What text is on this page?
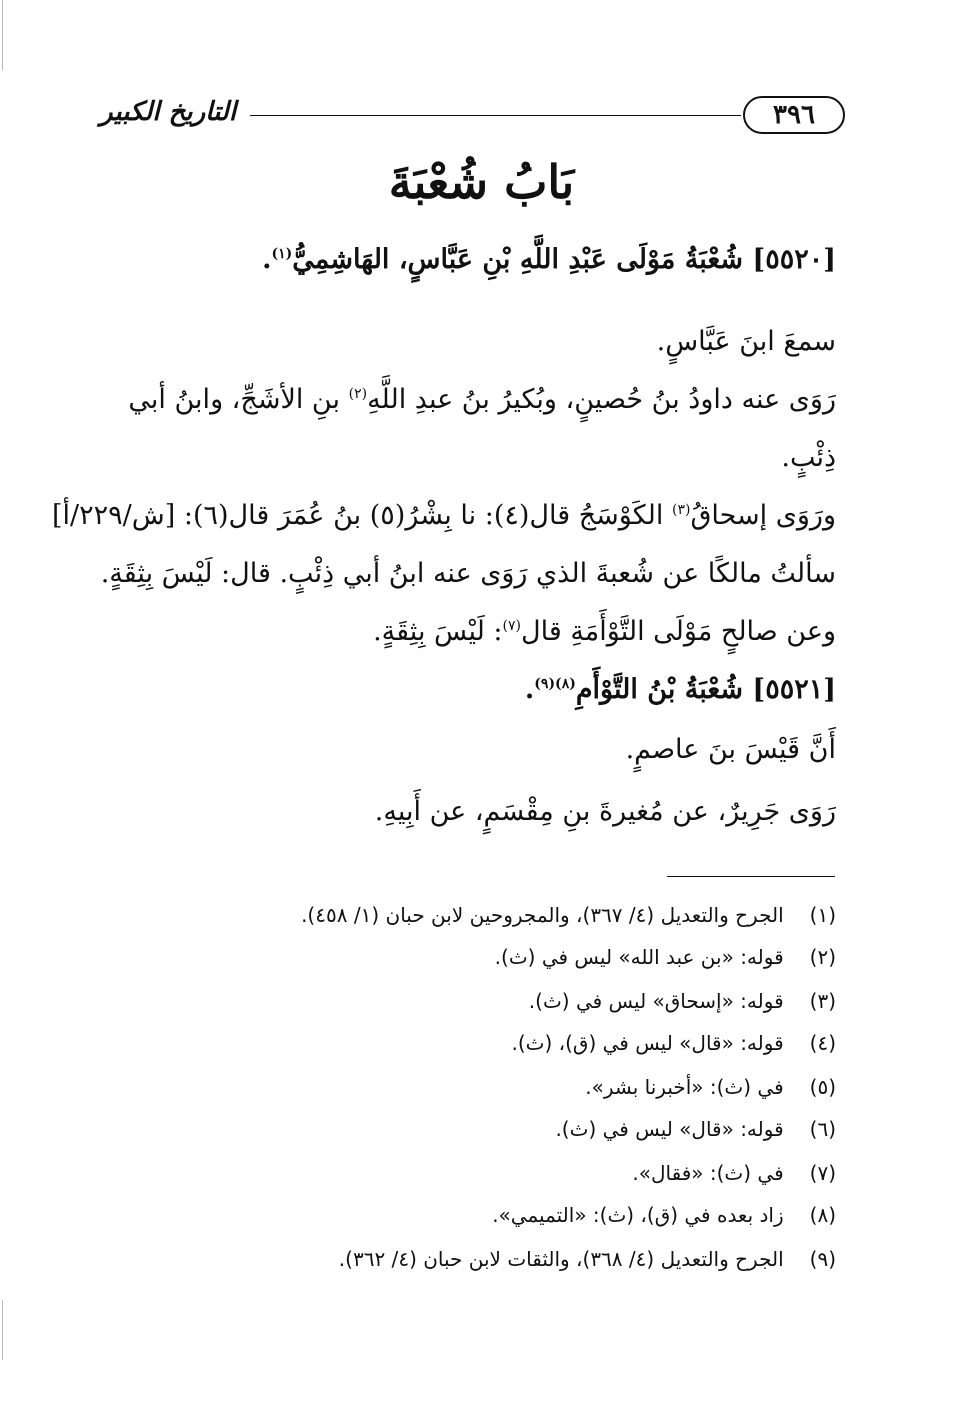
٣٩٦
التاريخ الكبير
بَابُ شُعْبَةَ
[٥٥٢٠] شُعْبَةُ مَوْلَى عَبْدِ اللَّهِ بْنِ عَبَّاسٍ، الهَاشِمِيُّ$^{(١)}$.
سمعَ ابنَ عَبَّاسٍ.
رَوَى عنه داودُ بنُ حُصينٍ، وبُكيرُ بنُ عبدِ اللَّهِ$^{(٢)}$ بنِ الأشَجِّ، وابنُ أبي
ذِئْبٍ.
ورَوَى إسحاقُ$^{(٣)}$ الكَوْسَجُ قال(٤): نا بِشْرُ(٥) بنُ عُمَرَ قال(٦): [ش/٢٢٩/أ]
سألتُ مالكًا عن شُعبةَ الذي رَوَى عنه ابنُ أبي ذِئْبٍ. قال: لَيْسَ بِثِقَةٍ.
وعن صالحٍ مَوْلَى التَّوْأَمَةِ قال$^{(٧)}$: لَيْسَ بِثِقَةٍ.
[٥٥٢١] شُعْبَةُ بْنُ التَّوْأَمِ$^{(٨)(٩)}$.
أَنَّ قَيْسَ بنَ عاصمٍ.
رَوَى جَرِيرٌ، عن مُغيرةَ بنِ مِقْسَمٍ، عن أَبِيهِ.
(١) الجرح والتعديل (٤/ ٣٦٧)، والمجروحين لابن حبان (١/ ٤٥٨).
(٢) قوله: «بن عبد الله» ليس في (ث).
(٣) قوله: «إسحاق» ليس في (ث).
(٤) قوله: «قال» ليس في (ق)، (ث).
(٥) في (ث): «أخبرنا بشر».
(٦) قوله: «قال» ليس في (ث).
(٧) في (ث): «فقال».
(٨) زاد بعده في (ق)، (ث): «التميمي».
(٩) الجرح والتعديل (٤/ ٣٦٨)، والثقات لابن حبان (٤/ ٣٦٢).
